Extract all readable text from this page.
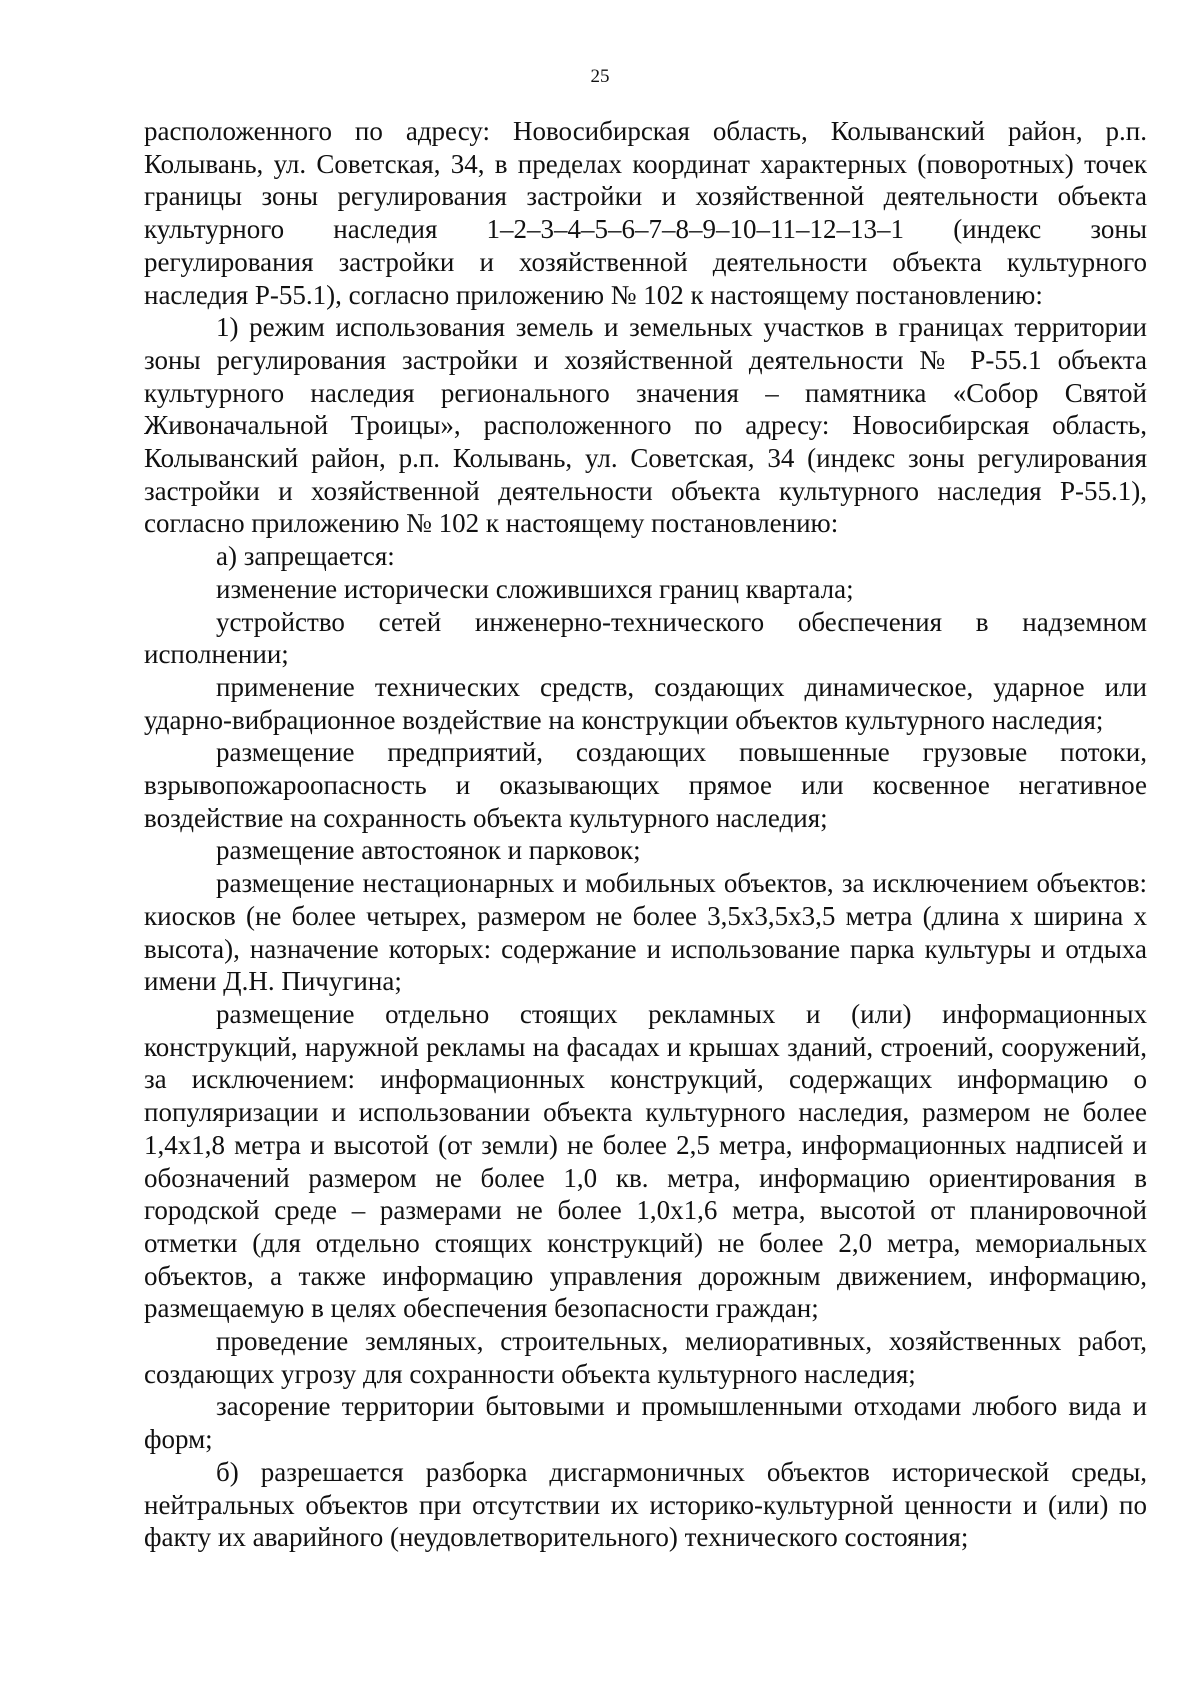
25

расположенного по адресу: Новосибирская область, Колыванский район, р.п. Колывань, ул. Советская, 34, в пределах координат характерных (поворотных) точек границы зоны регулирования застройки и хозяйственной деятельности объекта культурного наследия 1–2–3–4–5–6–7–8–9–10–11–12–13–1 (индекс зоны регулирования застройки и хозяйственной деятельности объекта культурного наследия Р-55.1), согласно приложению № 102 к настоящему постановлению:

1) режим использования земель и земельных участков в границах территории зоны регулирования застройки и хозяйственной деятельности № Р-55.1 объекта культурного наследия регионального значения – памятника «Собор Святой Живоначальной Троицы», расположенного по адресу: Новосибирская область, Колыванский район, р.п. Колывань, ул. Советская, 34 (индекс зоны регулирования застройки и хозяйственной деятельности объекта культурного наследия Р-55.1), согласно приложению № 102 к настоящему постановлению:

а) запрещается:

изменение исторически сложившихся границ квартала;

устройство сетей инженерно-технического обеспечения в надземном исполнении;

применение технических средств, создающих динамическое, ударное или ударно-вибрационное воздействие на конструкции объектов культурного наследия;

размещение предприятий, создающих повышенные грузовые потоки, взрывопожароопасность и оказывающих прямое или косвенное негативное воздействие на сохранность объекта культурного наследия;

размещение автостоянок и парковок;

размещение нестационарных и мобильных объектов, за исключением объектов: киосков (не более четырех, размером не более 3,5х3,5х3,5 метра (длина х ширина х высота), назначение которых: содержание и использование парка культуры и отдыха имени Д.Н. Пичугина;

размещение отдельно стоящих рекламных и (или) информационных конструкций, наружной рекламы на фасадах и крышах зданий, строений, сооружений, за исключением: информационных конструкций, содержащих информацию о популяризации и использовании объекта культурного наследия, размером не более 1,4х1,8 метра и высотой (от земли) не более 2,5 метра, информационных надписей и обозначений размером не более 1,0 кв. метра, информацию ориентирования в городской среде – размерами не более 1,0х1,6 метра, высотой от планировочной отметки (для отдельно стоящих конструкций) не более 2,0 метра, мемориальных объектов, а также информацию управления дорожным движением, информацию, размещаемую в целях обеспечения безопасности граждан;

проведение земляных, строительных, мелиоративных, хозяйственных работ, создающих угрозу для сохранности объекта культурного наследия;

засорение территории бытовыми и промышленными отходами любого вида и форм;

б) разрешается разборка дисгармоничных объектов исторической среды, нейтральных объектов при отсутствии их историко-культурной ценности и (или) по факту их аварийного (неудовлетворительного) технического состояния;
